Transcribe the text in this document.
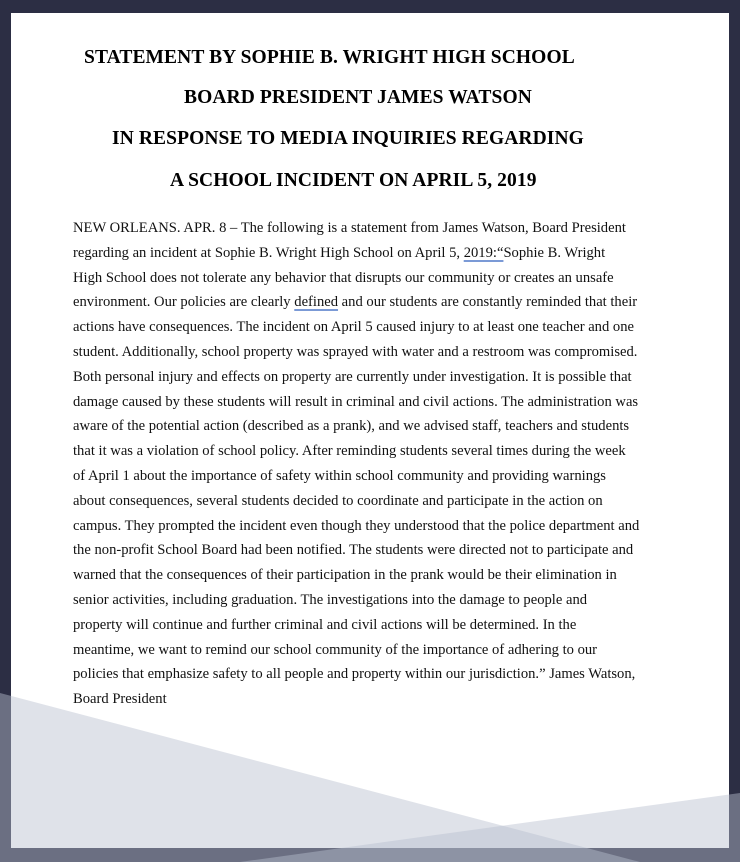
STATEMENT BY SOPHIE B. WRIGHT HIGH SCHOOL
BOARD PRESIDENT JAMES WATSON
IN RESPONSE TO MEDIA INQUIRIES REGARDING
A SCHOOL INCIDENT ON APRIL 5, 2019
NEW ORLEANS. APR. 8 – The following is a statement from James Watson, Board President
regarding an incident at Sophie B. Wright High School on April 5, 2019:“Sophie B. Wright
High School does not tolerate any behavior that disrupts our community or creates an unsafe
environment. Our policies are clearly defined and our students are constantly reminded that their
actions have consequences. The incident on April 5 caused injury to at least one teacher and one
student. Additionally, school property was sprayed with water and a restroom was compromised.
Both personal injury and effects on property are currently under investigation. It is possible that
damage caused by these students will result in criminal and civil actions. The administration was
aware of the potential action (described as a prank), and we advised staff, teachers and students
that it was a violation of school policy. After reminding students several times during the week
of April 1 about the importance of safety within school community and providing warnings
about consequences, several students decided to coordinate and participate in the action on
campus. They prompted the incident even though they understood that the police department and
the non-profit School Board had been notified. The students were directed not to participate and
warned that the consequences of their participation in the prank would be their elimination in
senior activities, including graduation. The investigations into the damage to people and
property will continue and further criminal and civil actions will be determined. In the
meantime, we want to remind our school community of the importance of adhering to our
policies that emphasize safety to all people and property within our jurisdiction.” James Watson,
Board President
